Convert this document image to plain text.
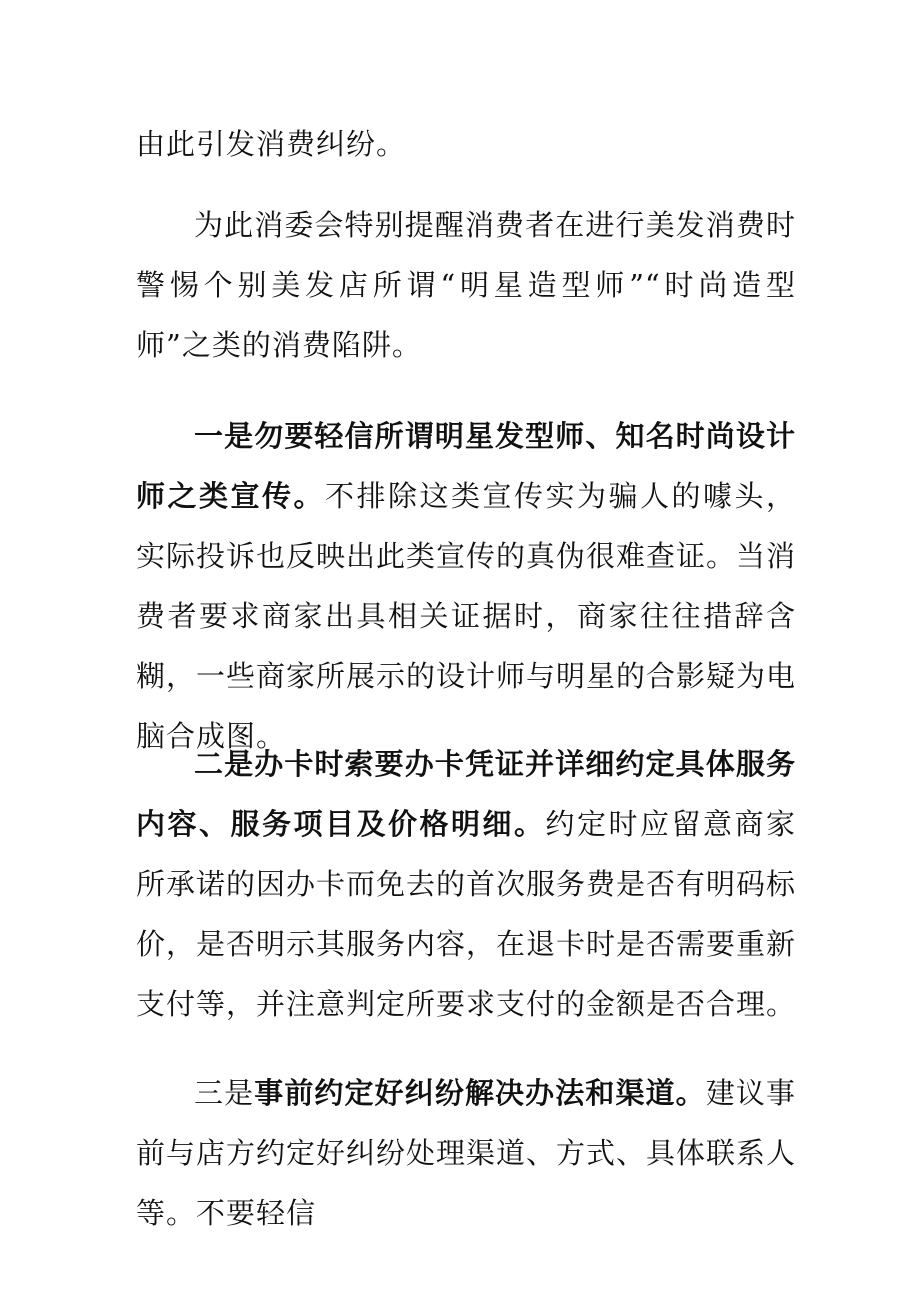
由此引发消费纠纷。

为此消委会特别提醒消费者在进行美发消费时警惕个别美发店所谓“明星造型师”“时尚造型师”之类的消费陷阱。

一是勿要轻信所谓明星发型师、知名时尚设计师之类宣传。不排除这类宣传实为骗人的噱头，实际投诉也反映出此类宣传的真伪很难查证。当消费者要求商家出具相关证据时，商家往往措辞含糊，一些商家所展示的设计师与明星的合影疑为电脑合成图。

二是办卡时索要办卡凭证并详细约定具体服务内容、服务项目及价格明细。约定时应留意商家所承诺的因办卡而免去的首次服务费是否有明码标价，是否明示其服务内容，在退卡时是否需要重新支付等，并注意判定所要求支付的金额是否合理。

三是事前约定好纠纷解决办法和渠道。建议事前与店方约定好纠纷处理渠道、方式、具体联系人等。不要轻信
